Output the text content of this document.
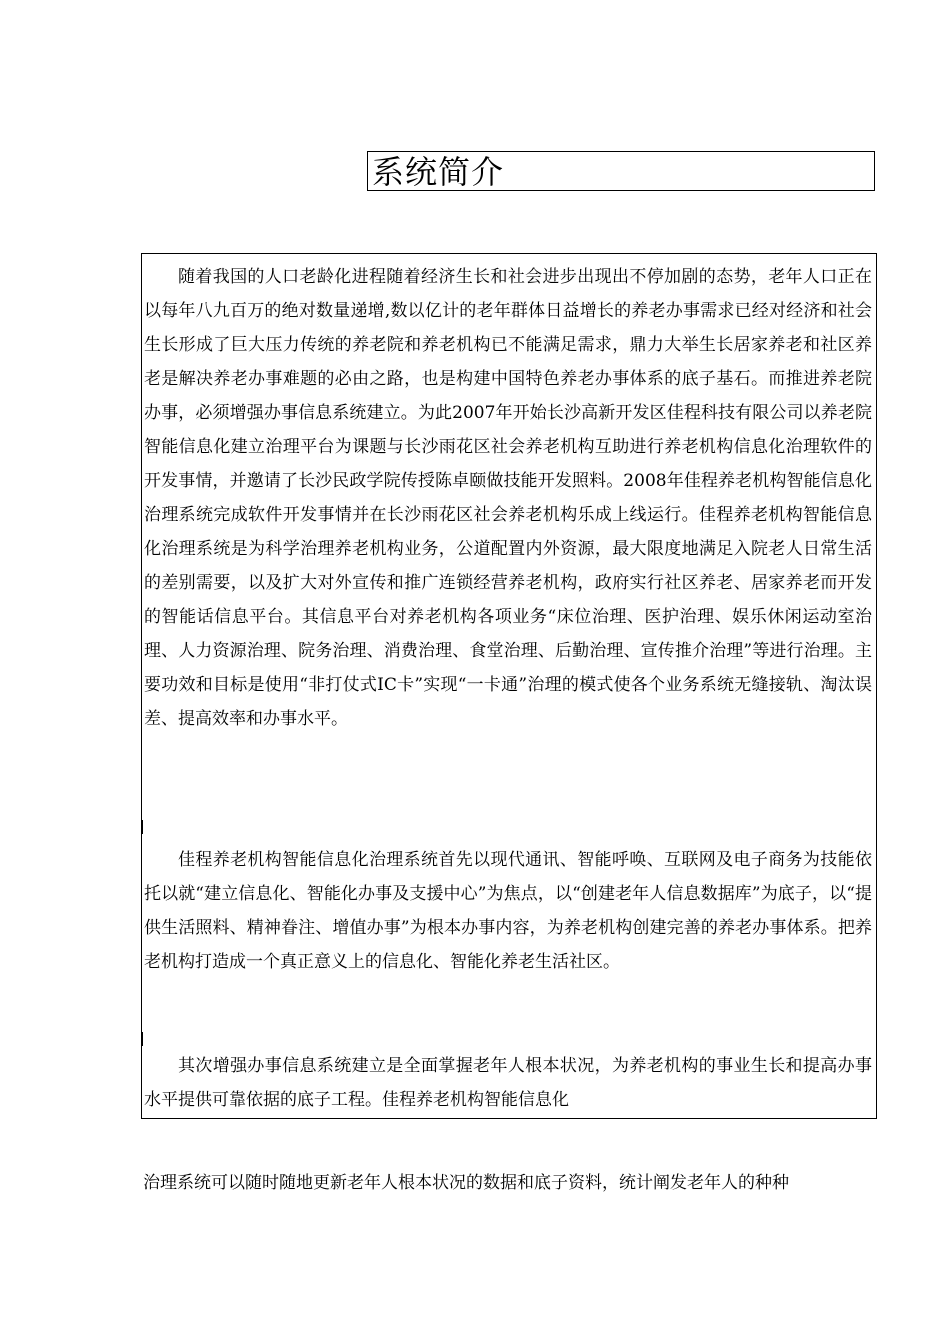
系统简介

随着我国的人口老龄化进程随着经济生长和社会进步出现出不停加剧的态势，老年人口正在以每年八九百万的绝对数量递增,数以亿计的老年群体日益增长的养老办事需求已经对经济和社会生长形成了巨大压力传统的养老院和养老机构已不能满足需求，鼎力大举生长居家养老和社区养老是解决养老办事难题的必由之路，也是构建中国特色养老办事体系的底子基石。而推进养老院办事，必须增强办事信息系统建立。为此2007年开始长沙高新开发区佳程科技有限公司以养老院智能信息化建立治理平台为课题与长沙雨花区社会养老机构互助进行养老机构信息化治理软件的开发事情，并邀请了长沙民政学院传授陈卓颐做技能开发照料。2008年佳程养老机构智能信息化治理系统完成软件开发事情并在长沙雨花区社会养老机构乐成上线运行。佳程养老机构智能信息化治理系统是为科学治理养老机构业务，公道配置内外资源，最大限度地满足入院老人日常生活的差别需要，以及扩大对外宣传和推广连锁经营养老机构，政府实行社区养老、居家养老而开发的智能话信息平台。其信息平台对养老机构各项业务“床位治理、医护治理、娱乐休闲运动室治理、人力资源治理、院务治理、消费治理、食堂治理、后勤治理、宣传推介治理”等进行治理。主要功效和目标是使用“非打仗式IC卡”实现“一卡通”治理的模式使各个业务系统无缝接轨、淘汰误差、提高效率和办事水平。

佳程养老机构智能信息化治理系统首先以现代通讯、智能呼唤、互联网及电子商务为技能依托以就“建立信息化、智能化办事及支援中心”为焦点，以“创建老年人信息数据库”为底子，以“提供生活照料、精神眷注、增值办事”为根本办事内容，为养老机构创建完善的养老办事体系。把养老机构打造成一个真正意义上的信息化、智能化养老生活社区。

其次增强办事信息系统建立是全面掌握老年人根本状况，为养老机构的事业生长和提高办事水平提供可靠依据的底子工程。佳程养老机构智能信息化

治理系统可以随时随地更新老年人根本状况的数据和底子资料，统计阐发老年人的种种
